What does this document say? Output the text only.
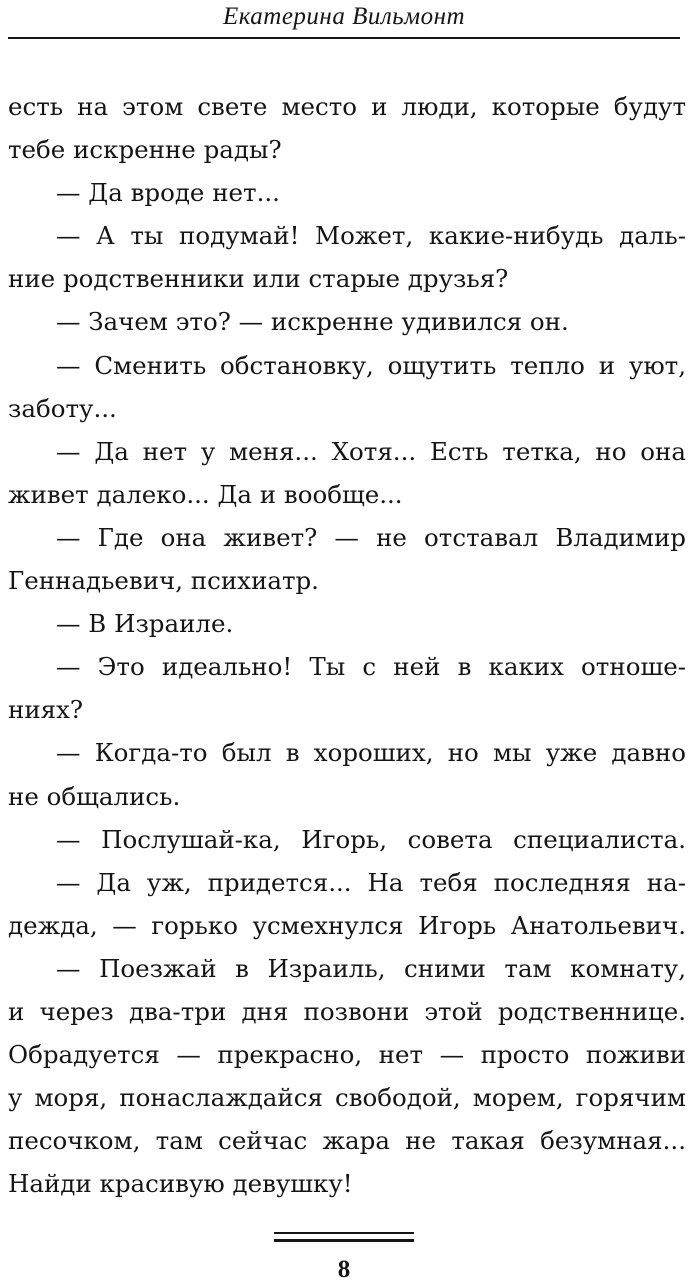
Екатерина Вильмонт
есть на этом свете место и люди, которые будут
тебе искренне рады?
— Да вроде нет...
— А ты подумай! Может, какие-нибудь даль-
ние родственники или старые друзья?
— Зачем это? — искренне удивился он.
— Сменить обстановку, ощутить тепло и уют,
заботу...
— Да нет у меня... Хотя... Есть тетка, но она
живет далеко... Да и вообще...
— Где она живет? — не отставал Владимир
Геннадьевич, психиатр.
— В Израиле.
— Это идеально! Ты с ней в каких отноше-
ниях?
— Когда-то был в хороших, но мы уже давно
не общались.
— Послушай-ка, Игорь, совета специалиста.
— Да уж, придется... На тебя последняя на-
дежда, — горько усмехнулся Игорь Анатольевич.
— Поезжай в Израиль, сними там комнату,
и через два-три дня позвони этой родственнице.
Обрадуется — прекрасно, нет — просто поживи
у моря, понаслаждайся свободой, морем, горячим
песочком, там сейчас жара не такая безумная...
Найди красивую девушку!
8
